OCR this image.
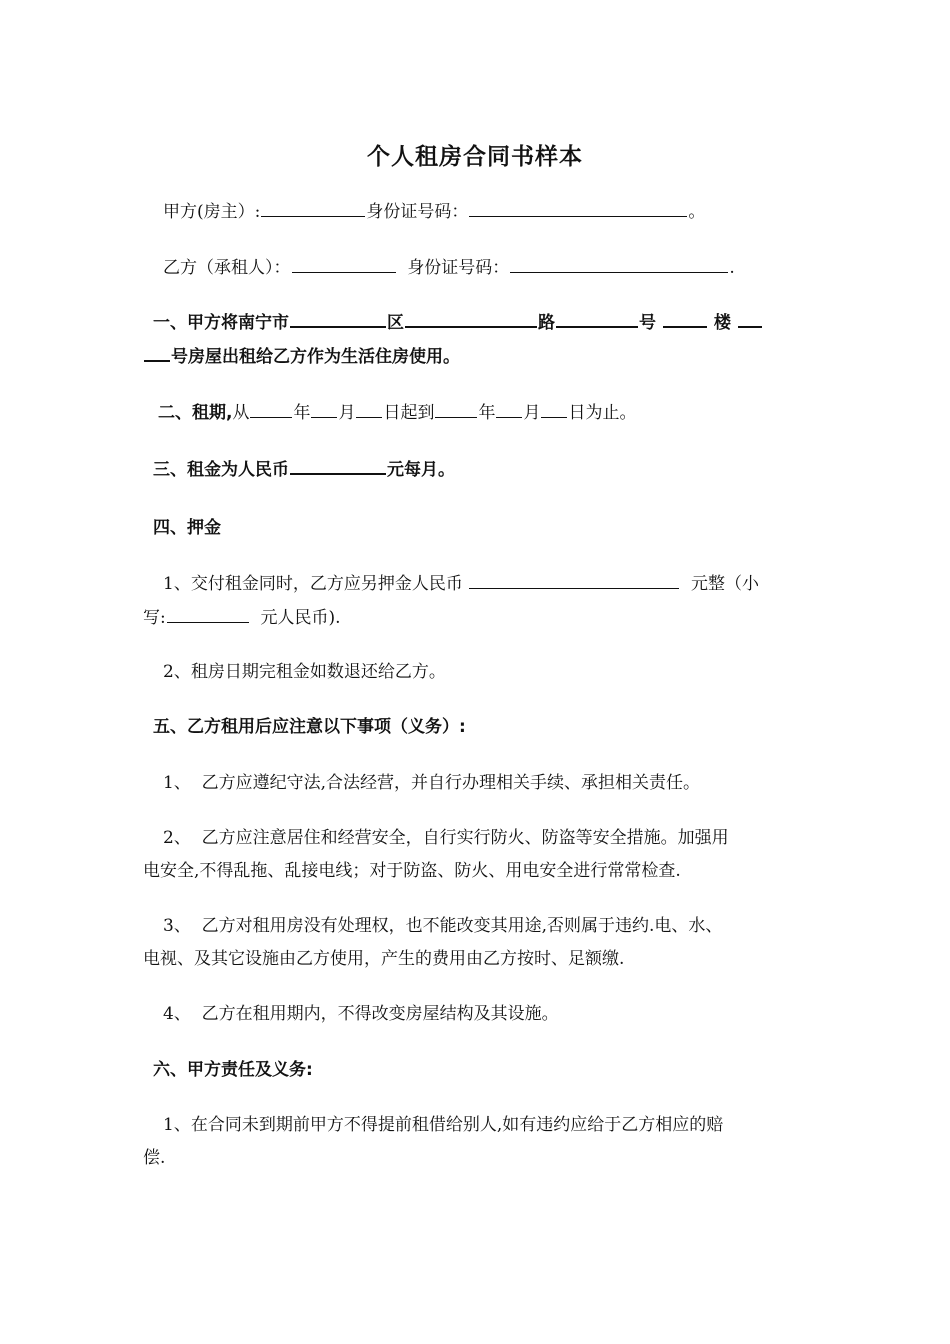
个人租房合同书样本
甲方(房主）:	身份证号码：	。
乙方（承租人）：	身份证号码：	.
一、甲方将南宁市	区	路	号	楼
号房屋出租给乙方作为生活住房使用。
二、租期,从	年 月 日起到	年 月 日为止。
三、租金为人民币	元每月。
四、押金
1、交付租金同时，乙方应另押金人民币	元整（小
写:	元人民币).
2、租房日期完租金如数退还给乙方。
五、乙方租用后应注意以下事项（义务）:
1、  乙方应遵纪守法,合法经营，并自行办理相关手续、承担相关责任。
2、  乙方应注意居住和经营安全，自行实行防火、防盗等安全措施。加强用
电安全,不得乱拖、乱接电线；对于防盗、防火、用电安全进行常常检查.
3、  乙方对租用房没有处理权，也不能改变其用途,否则属于违约.电、水、
电视、及其它设施由乙方使用，产生的费用由乙方按时、足额缴.
4、  乙方在租用期内，不得改变房屋结构及其设施。
六、甲方责任及义务:
1、在合同未到期前甲方不得提前租借给别人,如有违约应给于乙方相应的赔
偿.
